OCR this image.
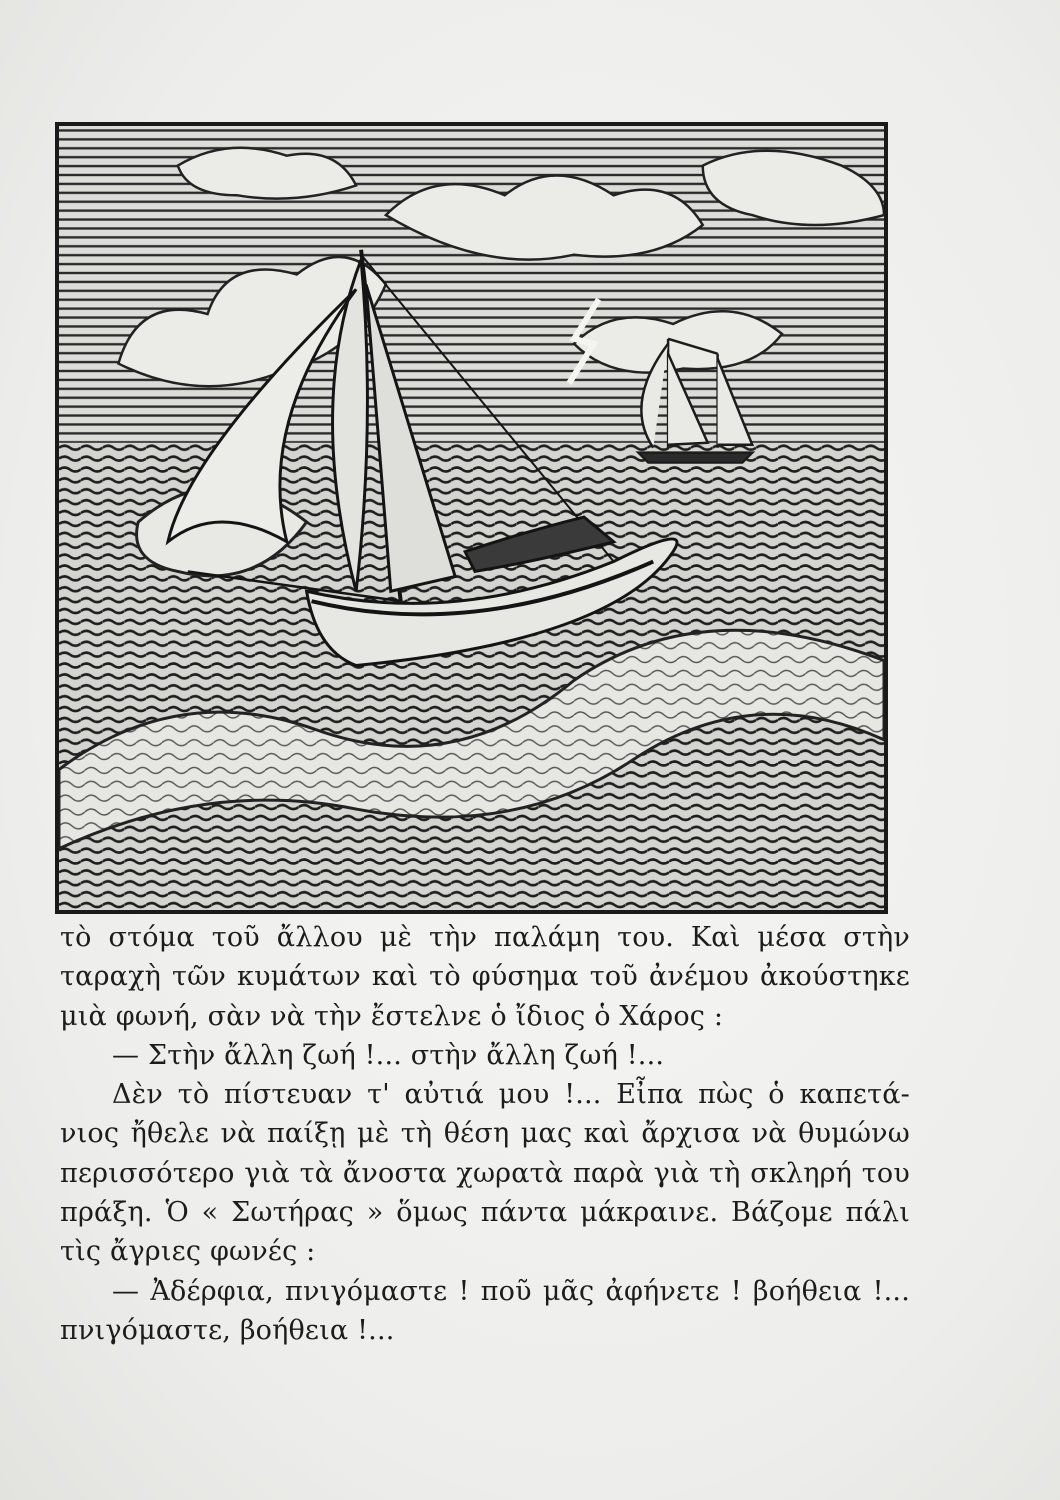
τὸ στόμα τοῦ ἄλλου μὲ τὴν παλάμη του. Καὶ μέσα στὴν
ταραχὴ τῶν κυμάτων καὶ τὸ φύσημα τοῦ ἀνέμου ἀκούστηκε
μιὰ φωνή, σὰν νὰ τὴν ἔστελνε ὁ ἴδιος ὁ Χάρος :
— Στὴν ἄλλη ζωή !... στὴν ἄλλη ζωή !...
Δὲν τὸ πίστευαν τ' αὐτιά μου !... Εἶπα πὼς ὁ καπετά-
νιος ἤθελε νὰ παίξῃ μὲ τὴ θέση μας καὶ ἄρχισα νὰ θυμώνω
περισσότερο γιὰ τὰ ἄνοστα χωρατὰ παρὰ γιὰ τὴ σκληρή του
πράξη. Ὁ « Σωτήρας » ὅμως πάντα μάκραινε. Βάζομε πάλι
τὶς ἄγριες φωνές :
— Ἀδέρφια, πνιγόμαστε ! ποῦ μᾶς ἀφήνετε ! βοήθεια !...
πνιγόμαστε, βοήθεια !...
